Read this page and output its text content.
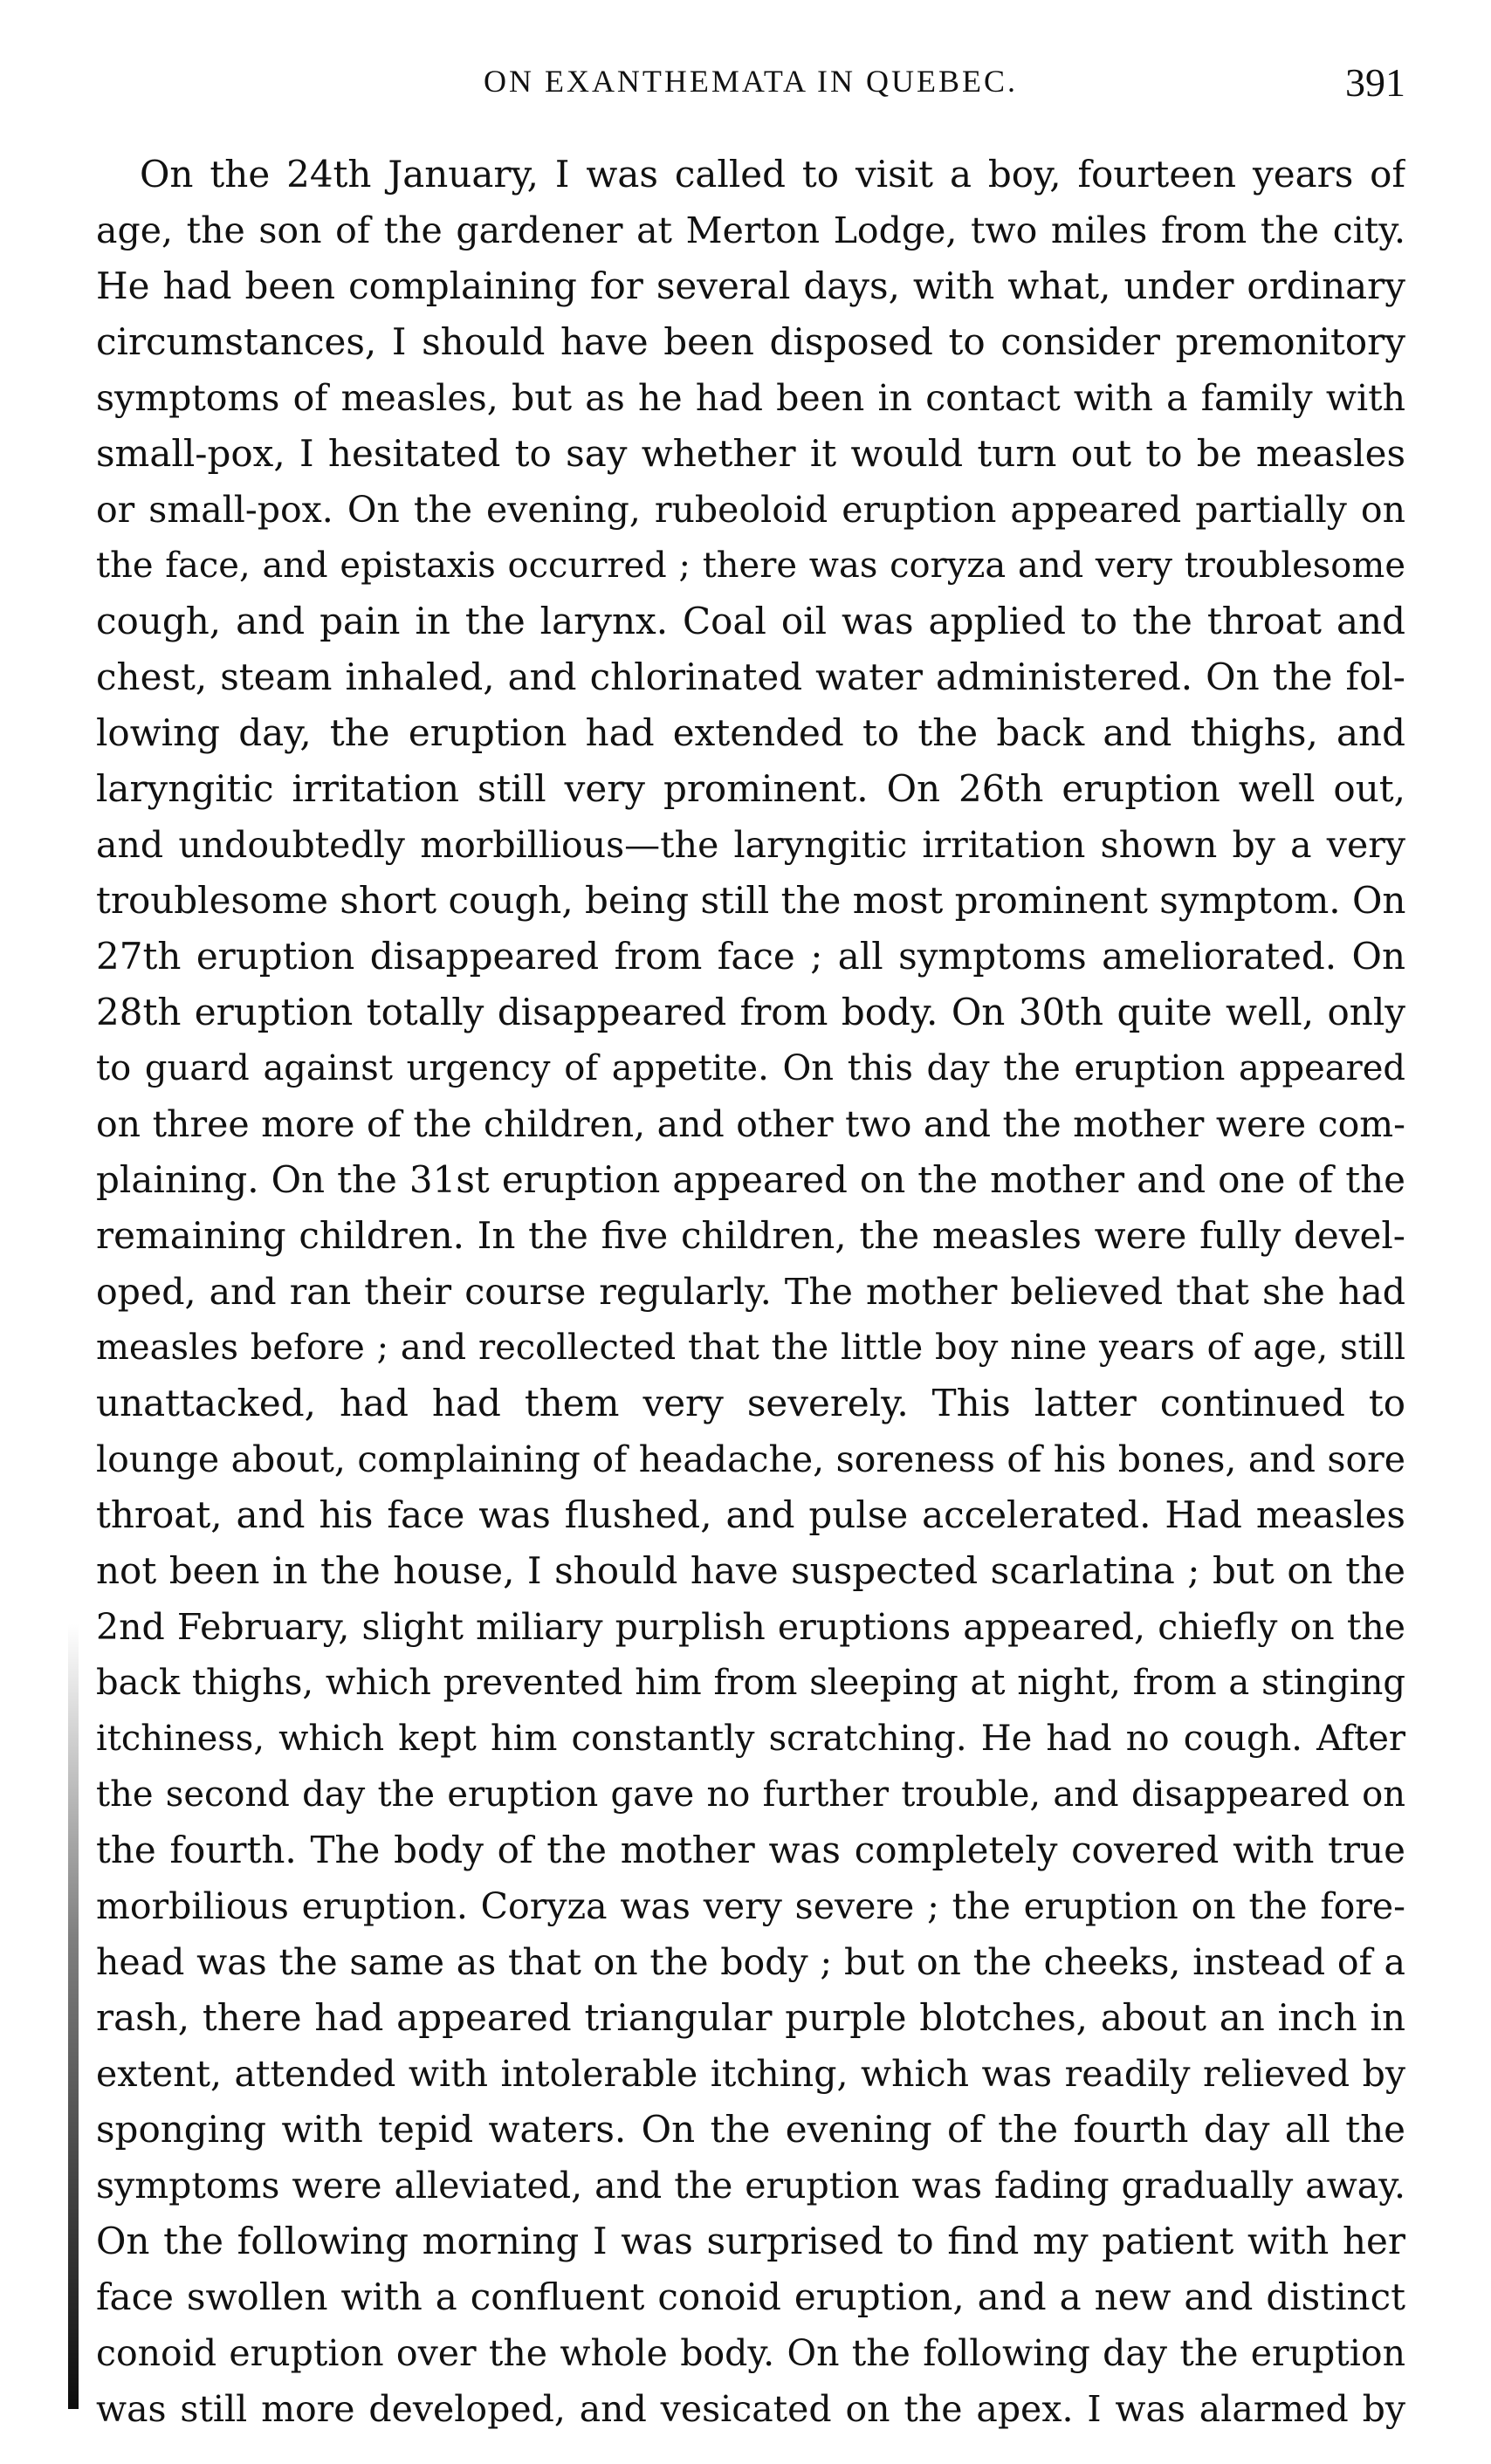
ON EXANTHEMATA IN QUEBEC.	391
On the 24th January, I was called to visit a boy, fourteen years of
age, the son of the gardener at Merton Lodge, two miles from the city.
He had been complaining for several days, with what, under ordinary
circumstances, I should have been disposed to consider premonitory
symptoms of measles, but as he had been in contact with a family with
small-pox, I hesitated to say whether it would turn out to be measles
or small-pox. On the evening, rubeoloid eruption appeared partially on
the face, and epistaxis occurred ; there was coryza and very troublesome
cough, and pain in the larynx. Coal oil was applied to the throat and
chest, steam inhaled, and chlorinated water administered. On the fol-
lowing day, the eruption had extended to the back and thighs, and
laryngitic irritation still very prominent. On 26th eruption well out,
and undoubtedly morbillious—the laryngitic irritation shown by a very
troublesome short cough, being still the most prominent symptom. On
27th eruption disappeared from face ; all symptoms ameliorated. On
28th eruption totally disappeared from body. On 30th quite well, only
to guard against urgency of appetite. On this day the eruption appeared
on three more of the children, and other two and the mother were com-
plaining. On the 31st eruption appeared on the mother and one of the
remaining children. In the five children, the measles were fully devel-
oped, and ran their course regularly. The mother believed that she had
measles before ; and recollected that the little boy nine years of age, still
unattacked, had had them very severely. This latter continued to
lounge about, complaining of headache, soreness of his bones, and sore
throat, and his face was flushed, and pulse accelerated. Had measles
not been in the house, I should have suspected scarlatina ; but on the
2nd February, slight miliary purplish eruptions appeared, chiefly on the
back thighs, which prevented him from sleeping at night, from a stinging
itchiness, which kept him constantly scratching. He had no cough. After
the second day the eruption gave no further trouble, and disappeared on
the fourth. The body of the mother was completely covered with true
morbilious eruption. Coryza was very severe ; the eruption on the fore-
head was the same as that on the body ; but on the cheeks, instead of a
rash, there had appeared triangular purple blotches, about an inch in
extent, attended with intolerable itching, which was readily relieved by
sponging with tepid waters. On the evening of the fourth day all the
symptoms were alleviated, and the eruption was fading gradually away.
On the following morning I was surprised to find my patient with her
face swollen with a confluent conoid eruption, and a new and distinct
conoid eruption over the whole body. On the following day the eruption
was still more developed, and vesicated on the apex. I was alarmed by
